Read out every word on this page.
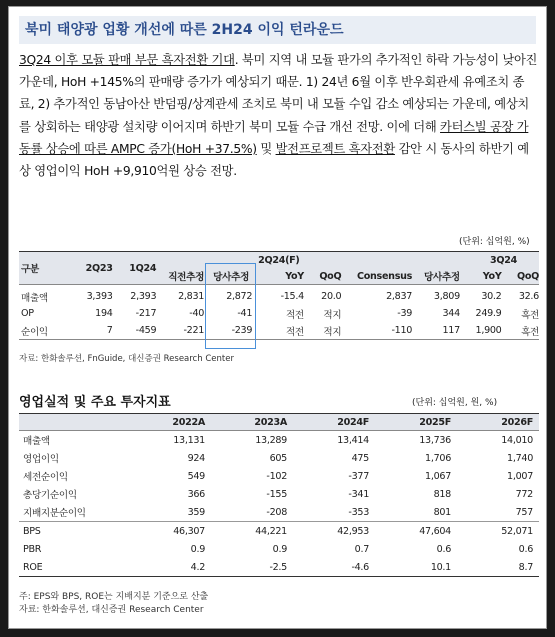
북미 태양광 업황 개선에 따른 2H24 이익 턴라운드
3Q24 이후 모듈 판매 부문 흑자전환 기대. 북미 지역 내 모듈 판가의 추가적인 하락 가능성이 낮아진 가운데, HoH +145%의 판매량 증가가 예상되기 때문. 1) 24년 6월 이후 반우회관세 유예조치 종료, 2) 추가적인 동남아산 반덤핑/상계관세 조치로 북미 내 모듈 수입 감소 예상되는 가운데, 예상치를 상회하는 태양광 설치량 이어지며 하반기 북미 모듈 수급 개선 전망. 이에 더해 카터스빌 공장 가동률 상승에 따른 AMPC 증가(HoH +37.5%) 및 발전프로젝트 흑자전환 감안 시 동사의 하반기 예상 영업이익 HoH +9,910억원 상승 전망.
(단위: 십억원, %)
구분	2Q23	1Q24	2Q24(F)				3Q24			
			직전추정	당사추정	YoY	QoQ	Consensus	당사추정	YoY	QoQ
매출액	3,393	2,393	2,831	2,872	-15.4	20.0	2,837	3,809	30.2	32.6
OP	194	-217	-40	-41	적전	적지	-39	344	249.9	흑전
순이익	7	-459	-221	-239	적전	적지	-110	117	1,900	흑전
자료: 한화솔루션, FnGuide, 대신증권 Research Center
영업실적 및 주요 투자지표	(단위: 십억원, 원, %)
	2022A	2023A	2024F	2025F	2026F
매출액	13,131	13,289	13,414	13,736	14,010
영업이익	924	605	475	1,706	1,740
세전순이익	549	-102	-377	1,067	1,007
총당기순이익	366	-155	-341	818	772
지배지분순이익	359	-208	-353	801	757
BPS	46,307	44,221	42,953	47,604	52,071
PBR	0.9	0.9	0.7	0.6	0.6
ROE	4.2	-2.5	-4.6	10.1	8.7
주: EPS와 BPS, ROE는 지배지분 기준으로 산출
자료: 한화솔루션, 대신증권 Research Center
